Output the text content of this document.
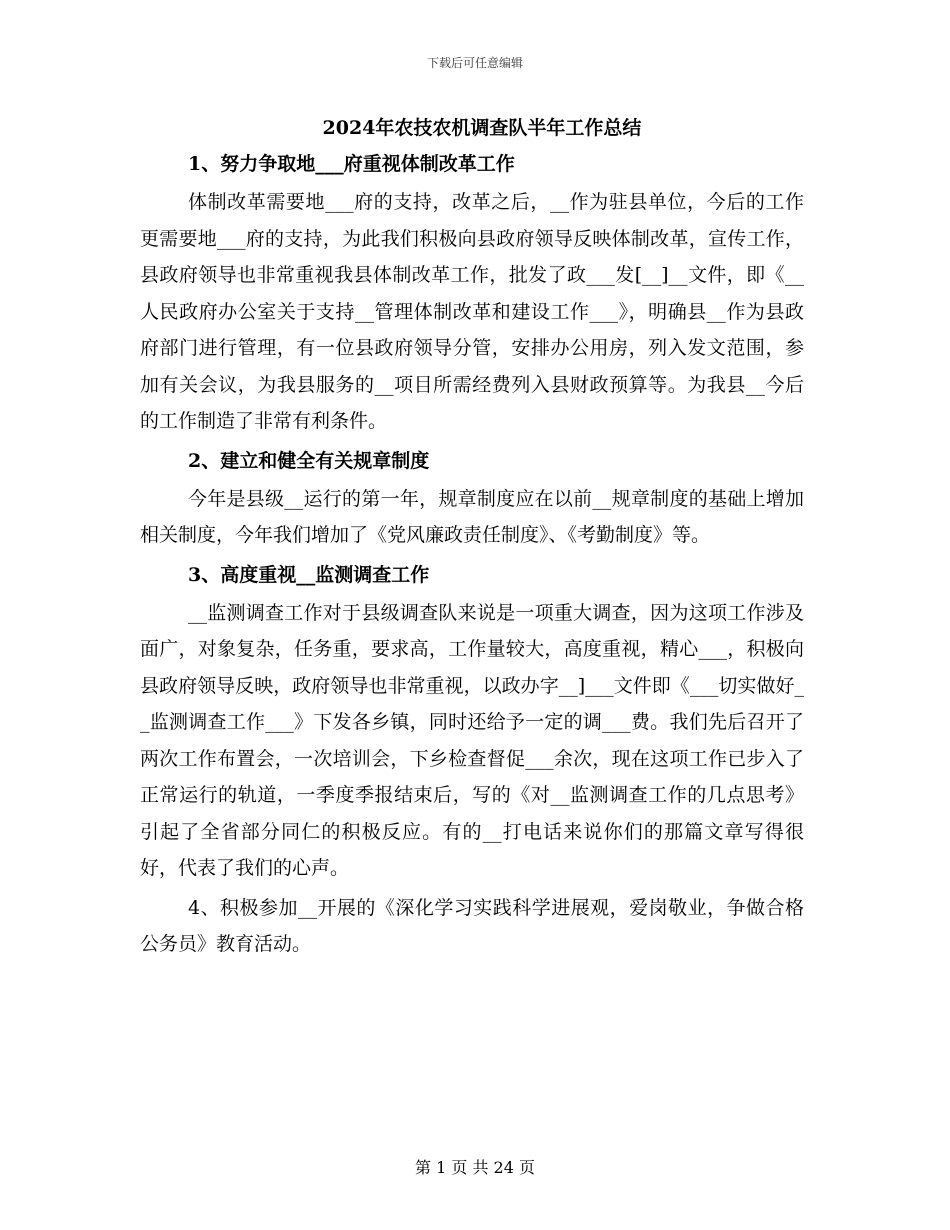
下载后可任意编辑
2024年农技农机调查队半年工作总结
1、努力争取地___府重视体制改革工作

体制改革需要地___府的支持，改革之后，__作为驻县单位，今后的工作更需要地___府的支持，为此我们积极向县政府领导反映体制改革，宣传工作，县政府领导也非常重视我县体制改革工作，批发了政___发[__]__文件，即《__人民政府办公室关于支持__管理体制改革和建设工作___》，明确县__作为县政府部门进行管理，有一位县政府领导分管，安排办公用房，列入发文范围，参加有关会议，为我县服务的__项目所需经费列入县财政预算等。为我县__今后的工作制造了非常有利条件。

2、建立和健全有关规章制度

今年是县级__运行的第一年，规章制度应在以前__规章制度的基础上增加相关制度，今年我们增加了《党风廉政责任制度》、《考勤制度》等。

3、高度重视__监测调查工作

__监测调查工作对于县级调查队来说是一项重大调查，因为这项工作涉及面广，对象复杂，任务重，要求高，工作量较大，高度重视，精心___，积极向县政府领导反映，政府领导也非常重视，以政办字__]___文件即《___切实做好__监测调查工作___》下发各乡镇，同时还给予一定的调___费。我们先后召开了两次工作布置会，一次培训会，下乡检查督促___余次，现在这项工作已步入了正常运行的轨道，一季度季报结束后，写的《对__监测调查工作的几点思考》引起了全省部分同仁的积极反应。有的__打电话来说你们的那篇文章写得很好，代表了我们的心声。

4、积极参加__开展的《深化学习实践科学进展观，爱岗敬业，争做合格公务员》教育活动。

第 1 页 共 24 页
